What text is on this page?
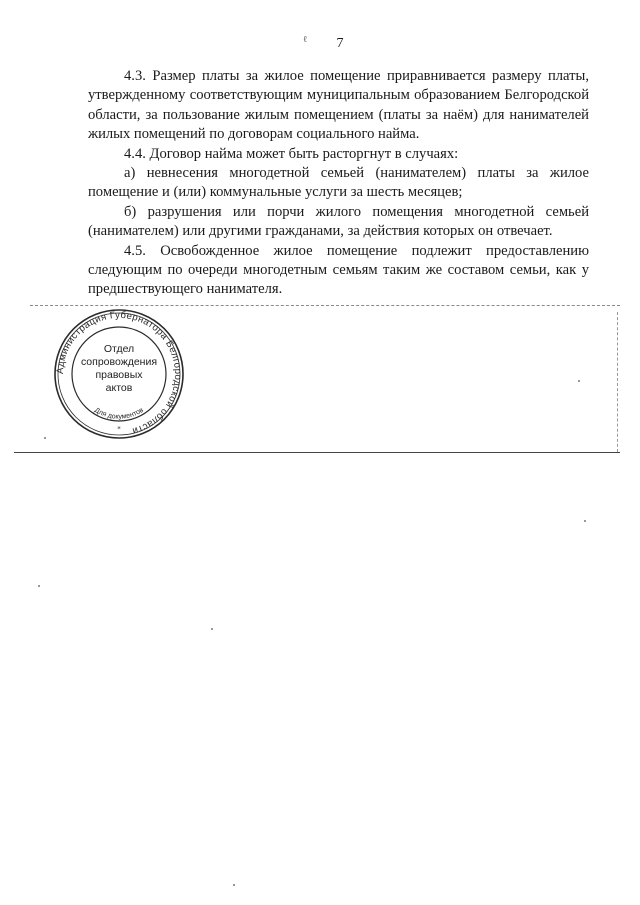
ℓ	7

4.3. Размер платы за жилое помещение приравнивается размеру платы, утвержденному соответствующим муниципальным образованием Белгородской области, за пользование жилым помещением (платы за наём) для нанимателей жилых помещений по договорам социального найма.

4.4. Договор найма может быть расторгнут в случаях:

а) невнесения многодетной семьей (нанимателем) платы за жилое помещение и (или) коммунальные услуги за шесть месяцев;

б) разрушения или порчи жилого помещения многодетной семьей (нанимателем) или другими гражданами, за действия которых он отвечает.

4.5. Освобожденное жилое помещение подлежит предоставлению следующим по очереди многодетным семьям таким же составом семьи, как у предшествующего нанимателя.

Администрация Губернатора Белгородской области
Для документов
*
Отдел
сопровождения
правовых
актов
